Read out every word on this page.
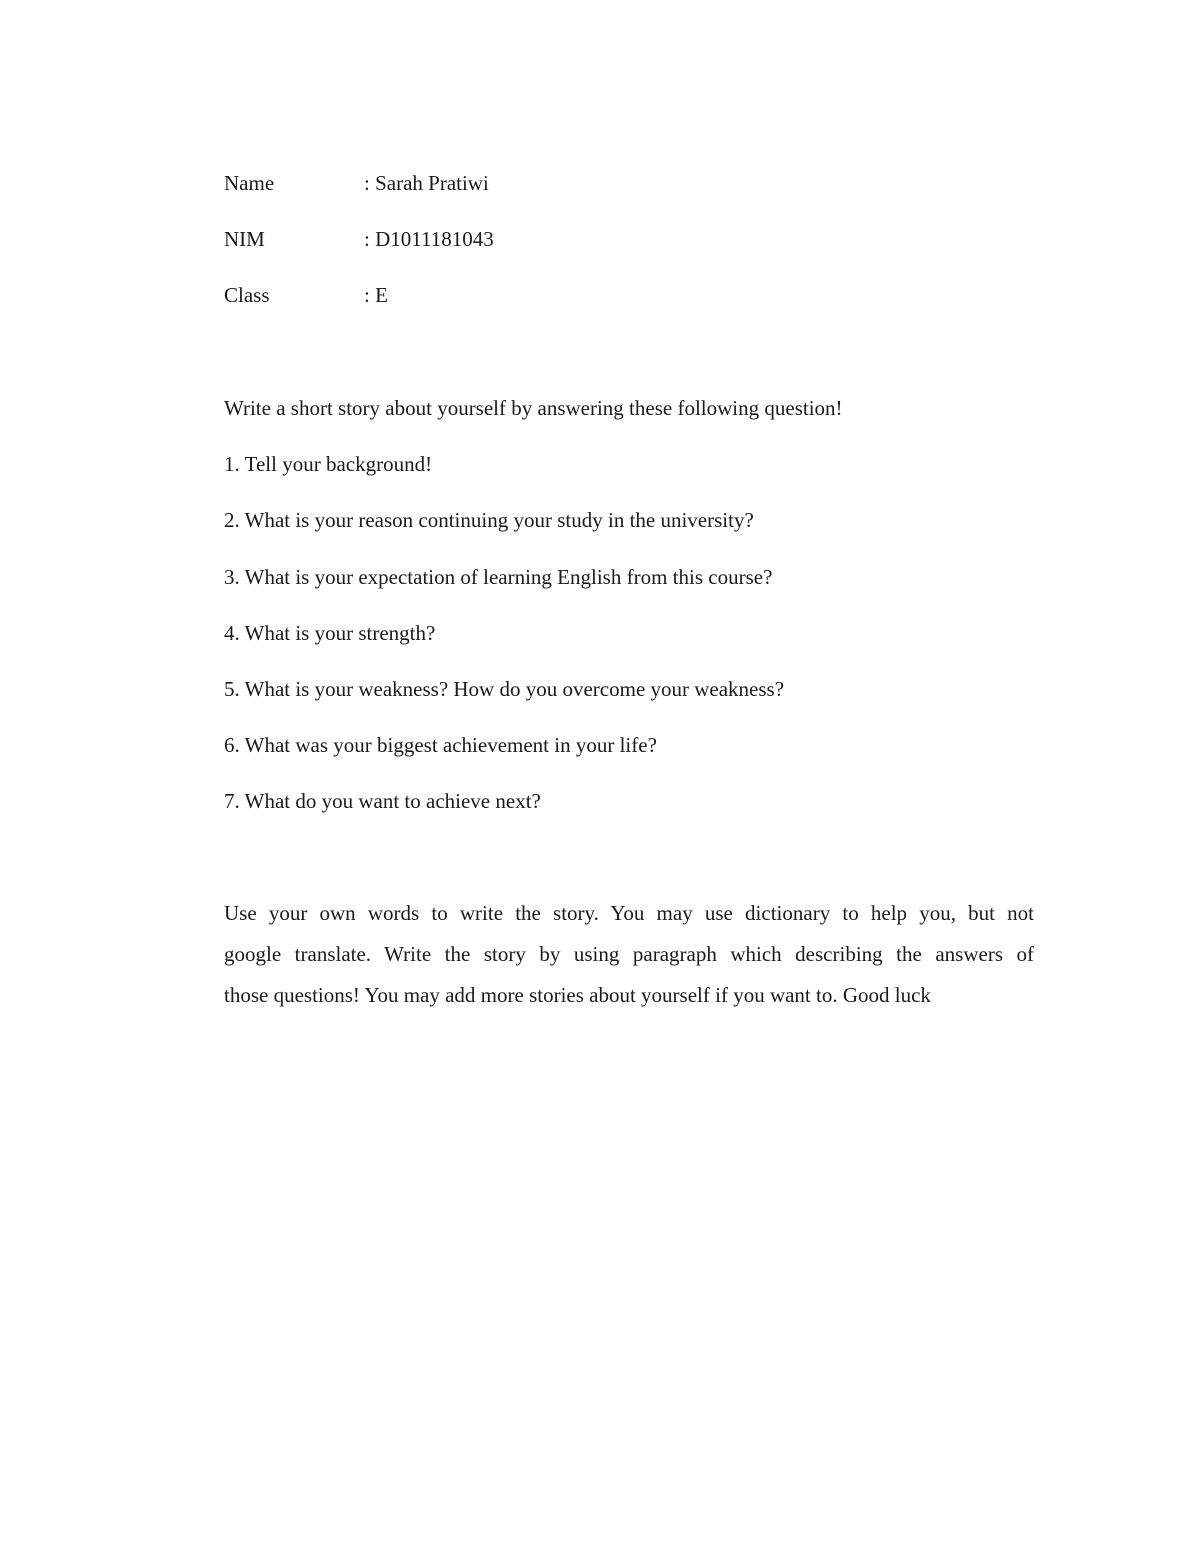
Name	: Sarah Pratiwi
NIM	: D1011181043
Class	: E
Write a short story about yourself by answering these following question!
1. Tell your background!
2. What is your reason continuing your study in the university?
3. What is your expectation of learning English from this course?
4. What is your strength?
5. What is your weakness? How do you overcome your weakness?
6. What was your biggest achievement in your life?
7. What do you want to achieve next?
Use your own words to write the story. You may use dictionary to help you, but not
google translate. Write the story by using paragraph which describing the answers of
those questions! You may add more stories about yourself if you want to. Good luck
